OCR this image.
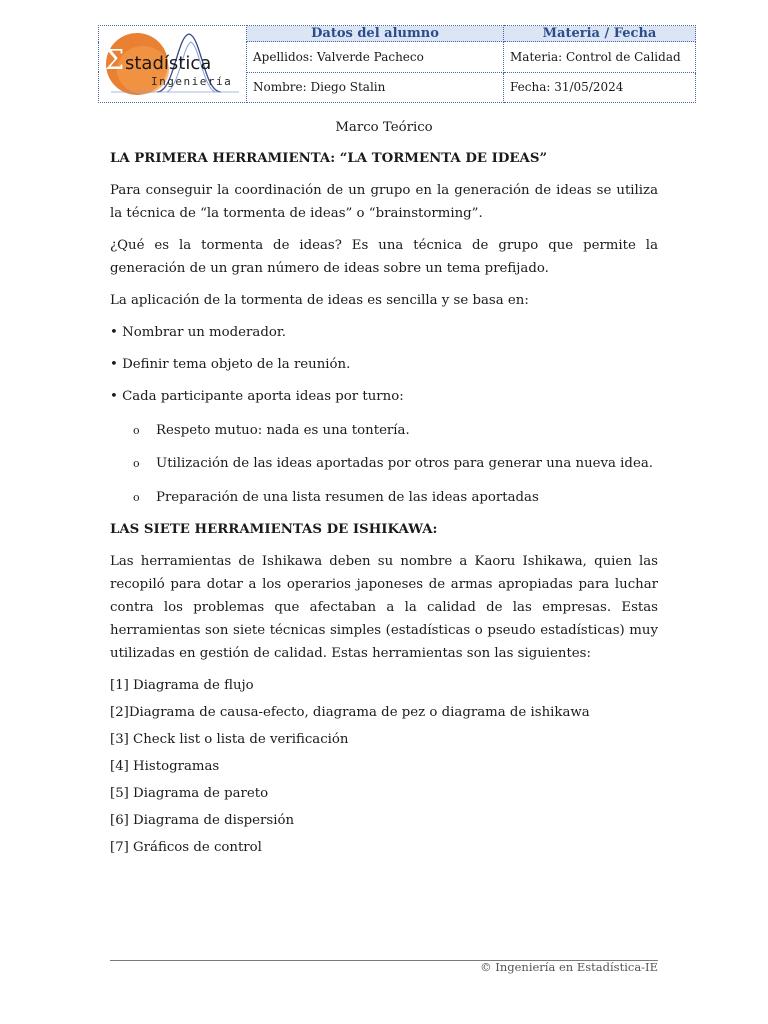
Σ stadística
Ingeniería	Datos del alumno	Materia / Fecha
	Apellidos: Valverde Pacheco	Materia: Control de Calidad
	Nombre: Diego Stalin	Fecha: 31/05/2024
Marco Teórico
LA PRIMERA HERRAMIENTA: “LA TORMENTA DE IDEAS”

Para conseguir la coordinación de un grupo en la generación de ideas se utiliza la técnica de “la tormenta de ideas” o “brainstorming”.

¿Qué es la tormenta de ideas? Es una técnica de grupo que permite la generación de un gran número de ideas sobre un tema prefijado.

La aplicación de la tormenta de ideas es sencilla y se basa en:

• Nombrar un moderador.
• Definir tema objeto de la reunión.
• Cada participante aporta ideas por turno:
o Respeto mutuo: nada es una tontería.
o Utilización de las ideas aportadas por otros para generar una nueva idea.
o Preparación de una lista resumen de las ideas aportadas
LAS SIETE HERRAMIENTAS DE ISHIKAWA:

Las herramientas de Ishikawa deben su nombre a Kaoru Ishikawa, quien las recopiló para dotar a los operarios japoneses de armas apropiadas para luchar contra los problemas que afectaban a la calidad de las empresas. Estas herramientas son siete técnicas simples (estadísticas o pseudo estadísticas) muy utilizadas en gestión de calidad. Estas herramientas son las siguientes:

[1] Diagrama de flujo
[2]Diagrama de causa-efecto, diagrama de pez o diagrama de ishikawa
[3] Check list o lista de verificación
[4] Histogramas
[5] Diagrama de pareto
[6] Diagrama de dispersión
[7] Gráficos de control
© Ingeniería en Estadística-IE
